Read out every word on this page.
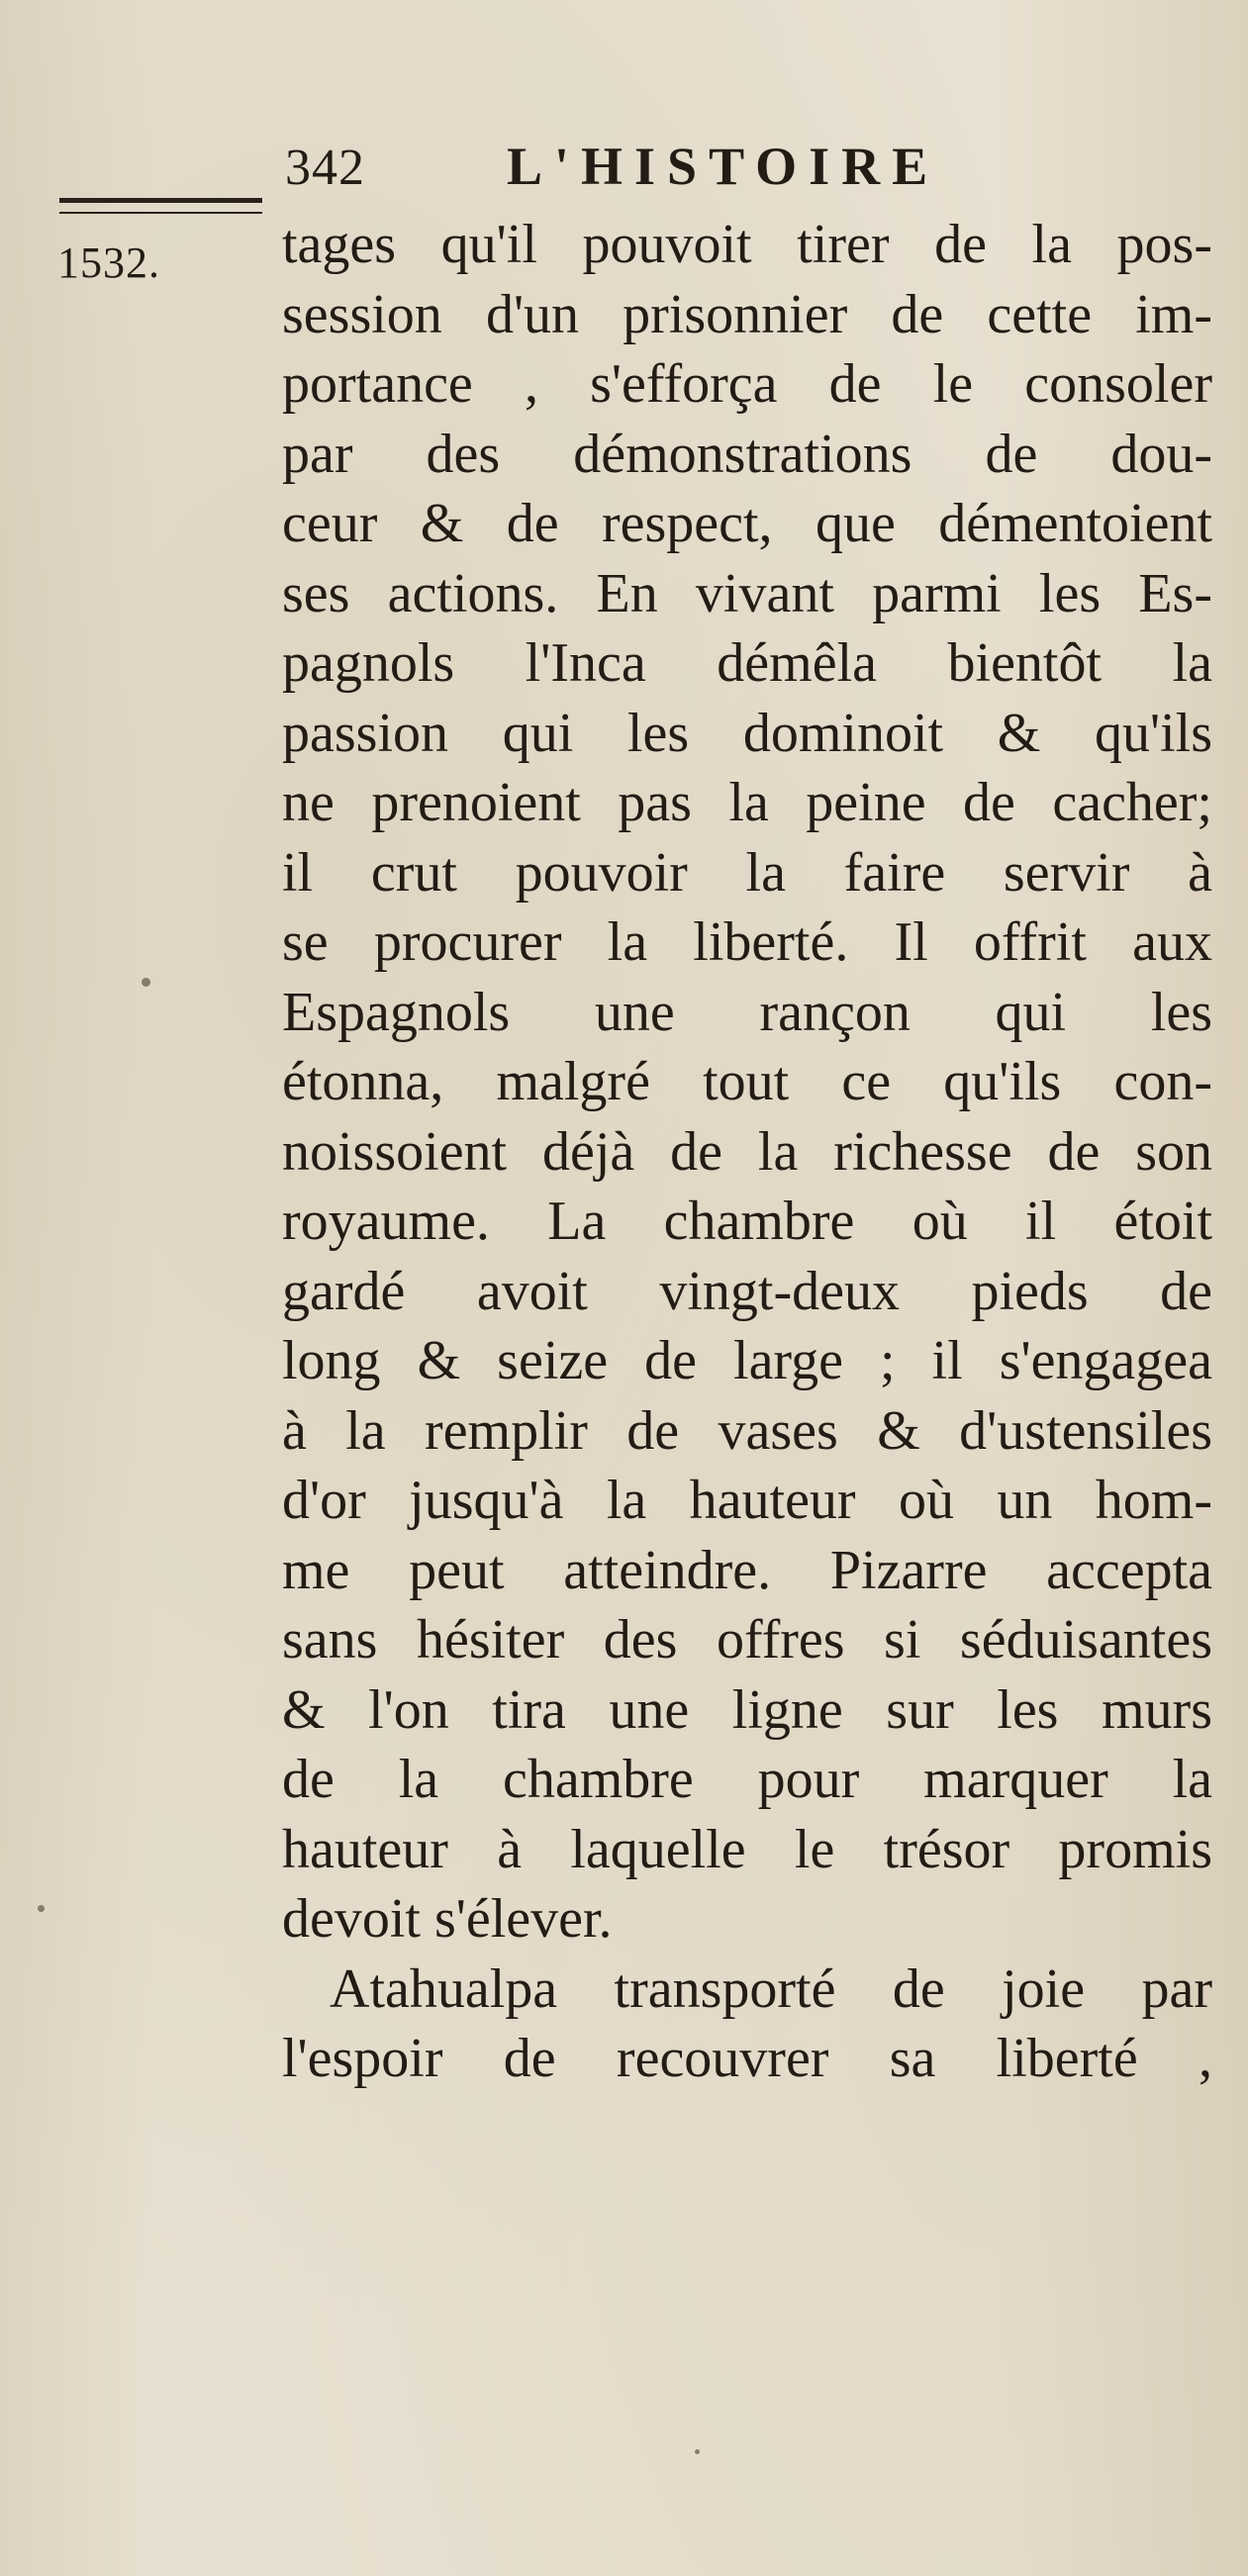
342	L'HISTOIRE
1532. tages qu'il pouvoit tirer de la pos-
session d'un prisonnier de cette im-
portance , s'efforça de le consoler
par des démonstrations de dou-
ceur & de respect, que démentoient
ses actions. En vivant parmi les Es-
pagnols l'Inca démêla bientôt la
passion qui les dominoit & qu'ils
ne prenoient pas la peine de cacher;
il crut pouvoir la faire servir à
se procurer la liberté. Il offrit aux
Espagnols une rançon qui les
étonna, malgré tout ce qu'ils con-
noissoient déjà de la richesse de son
royaume. La chambre où il étoit
gardé avoit vingt-deux pieds de
long & seize de large ; il s'engagea
à la remplir de vases & d'ustensiles
d'or jusqu'à la hauteur où un hom-
me peut atteindre. Pizarre accepta
sans hésiter des offres si séduisantes
& l'on tira une ligne sur les murs
de la chambre pour marquer la
hauteur à laquelle le trésor promis
devoit s'élever.
Atahualpa transporté de joie par
l'espoir de recouvrer sa liberté ,
